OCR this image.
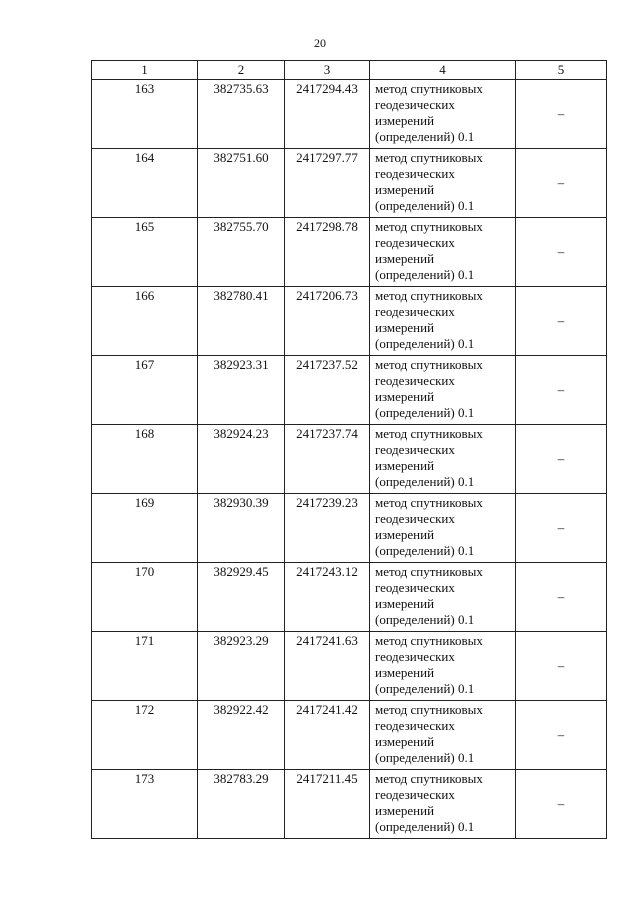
20
1	2	3	4	5
163	382735.63	2417294.43	метод спутниковых
геодезических
измерений
(определений) 0.1	–
164	382751.60	2417297.77	метод спутниковых
геодезических
измерений
(определений) 0.1	–
165	382755.70	2417298.78	метод спутниковых
геодезических
измерений
(определений) 0.1	–
166	382780.41	2417206.73	метод спутниковых
геодезических
измерений
(определений) 0.1	–
167	382923.31	2417237.52	метод спутниковых
геодезических
измерений
(определений) 0.1	–
168	382924.23	2417237.74	метод спутниковых
геодезических
измерений
(определений) 0.1	–
169	382930.39	2417239.23	метод спутниковых
геодезических
измерений
(определений) 0.1	–
170	382929.45	2417243.12	метод спутниковых
геодезических
измерений
(определений) 0.1	–
171	382923.29	2417241.63	метод спутниковых
геодезических
измерений
(определений) 0.1	–
172	382922.42	2417241.42	метод спутниковых
геодезических
измерений
(определений) 0.1	–
173	382783.29	2417211.45	метод спутниковых
геодезических
измерений
(определений) 0.1	–
